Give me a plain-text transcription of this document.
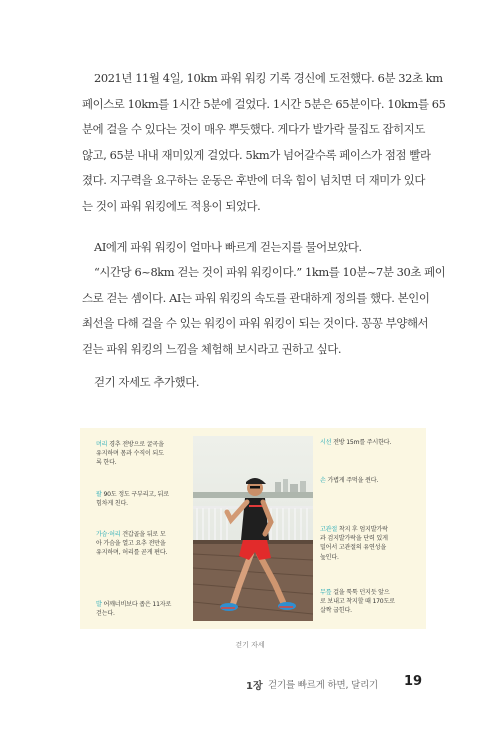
2021년 11월 4일, 10km 파워 워킹 기록 경신에 도전했다. 6분 32초 km
페이스로 10km를 1시간 5분에 걸었다. 1시간 5분은 65분이다. 10km를 65
분에 걸을 수 있다는 것이 매우 뿌듯했다. 게다가 발가락 물집도 잡히지도
않고, 65분 내내 재미있게 걸었다. 5km가 넘어갈수록 페이스가 점점 빨라
졌다. 지구력을 요구하는 운동은 후반에 더욱 힘이 넘치면 더 재미가 있다
는 것이 파워 워킹에도 적용이 되었다.

AI에게 파워 워킹이 얼마나 빠르게 걷는지를 물어보았다.

“시간당 6~8km 걷는 것이 파워 워킹이다.” 1km를 10분~7분 30초 페이
스로 걷는 셈이다. AI는 파워 워킹의 속도를 관대하게 정의를 했다. 본인이
최선을 다해 걸을 수 있는 워킹이 파워 워킹이 되는 것이다. 꽁꽁 부양해서
걷는 파워 워킹의 느낌을 체험해 보시라고 권하고 싶다.

걷기 자세도 추가했다.

머리 경추 전방으로 굴곡을
유지하며 몸과 수직이 되도
록 한다.
팔 90도 정도 구부리고, 뒤로
힘차게 친다.
가슴·허리 견갑골을 뒤로 모
아 가슴을 열고 요추 전만을
유지하며, 허리를 곧게 편다.
발 어깨너비보다 좁은 11자로
걷는다.
시선 전방 15m를 주시한다.
손 가볍게 주먹을 쥔다.
고관절 착지 후 엄지발가락
과 검지발가락을 단력 있게
밀어서 고관절의 유연성을
높인다.
무릎 걸을 툭툭 던지듯 앞으
로 보내고 착지할 때 170도로
살짝 굽힌다.
걷기 자세
1장 걷기를 빠르게 하면, 달리기 19
